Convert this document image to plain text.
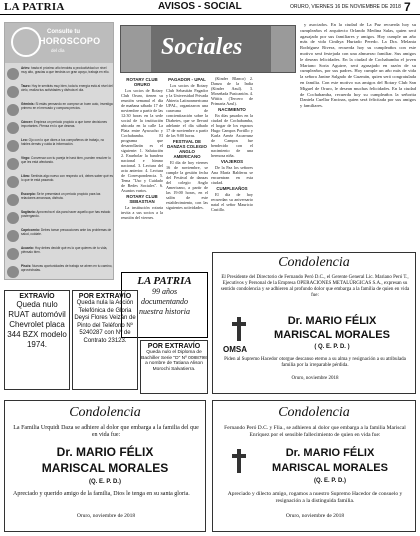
LA PATRIA	AVISOS - SOCIAL	ORURO, VIERNES 16 DE NOVIEMBRE DE 2018 7
Consulte tu
HOROSCOPO
del día
Aries: hasta el próximo año tendrás a productividad un nivel muy alto, gracias a que tendrás un gran apoyo, trabaja en ello.
Tauro: Hoy te sentirás muy bien, toda tu energía está al nivel del cielo, realiza tus actividades y disfruta el día.
Géminis: Si estás pensando en comprar un buen auto, investiga primero en el mercado y compara precios.
Cáncer: Empieza un periodo propicio a que tome decisiones importantes. Piensa en lo que deseas.
Leo: Ojo con lo que dices a tus compañeros de trabajo, no hables demás y cuida la información.
Virgo: Conversar con tu pareja te hará bien, pueden resolver lo que les está afectando.
Libra: Sentirás algo nuevo con respecto a ti, debes saber qué es lo que te está pasando.
Escorpio: Se te presentará un periodo propicio para las relaciones amorosas, disfruta.
Sagitario: Aprovecha el día para hacer aquello que has estado postergando.
Capricornio: Debes tomar precauciones ante los problemas de salud, cuídate.
Acuario: Hoy debes decidir qué es lo que quieres de tu vida, piénsalo bien.
Piscis: Nuevas oportunidades de trabajo se abren en tu camino, aprovéchalas.
Sociales
ROTARY CLUB ORURO

Los socios de Rotary Club Oruro, tienen su reunión semanal el día de mañana sábado 17 de noviembre a partir de las 12:30 horas en la sede social de la institución ubicada en la calle La Plata entre Ayacucho y Cochabamba. El programa que desarrollarán es el siguiente: 1. Salutación 2. Enarbolar la bandera nacional e himno nacional. 3. Lectura del acta anterior. 4. Lectura de Correspondencia. 5. Tema "Uso y Cuidado de Redes Sociales". 6. Asuntos varios.

ROTARY CLUB SEBASTIAN

La institución rotaria invita a sus socios a la reunión del viernes.

PAGADOR - UPAL

Los socios de Rotary Club Sebastián Pagador y la Universidad Privada Abierta Latinoamericana UPAL, organizaron una caravana de concientización sobre la Diabetes, que se llevará adelante el día sábado 17 de noviembre a partir de las 9:00 horas.

FESTIVAL DE DANZAS COLEGIO ANGLO AMERICANO

El día de hoy viernes 16 de noviembre, se cumple la gestión fecha del Festival de danzas del colegio Anglo Americano, a partir de las 19:00 horas, en el salón de este establecimiento, con las siguientes actividades.

(Kinder Blanco) 2. Danza de la India (Kinder Azul). 3. Moseñada Pusicantón. 4. Wititis (Tercero de Primaria Azul).

NACIMIENTO

En días pasados en la ciudad de Cochabamba, el hogar de los esposos Hugo Campos Portillo y Karla Arnéz Ascarrunz de Campos fue bendecido con el nacimiento de una hermosa niña.

VIAJEROS

De la Paz los señores Ana María Balderas se encuentran en esta ciudad.

CUMPLEAÑOS

El día de hoy recuerdan su aniversario natal el señor Mauricio Castillo.

y asociados. En la ciudad de La Paz recuerda hoy su cumpleaños el arquitecto Orlando Medina Salas, quien será agasajado por sus familiares y amigos. Hoy cumple un año más de vida Cinthya Hurtado Peredo. La Dra. Melania Rodríguez Rivera, recuerda hoy su cumpleaños con este motivo será festejada con una almuerzo familiar. Sus amigos le desean felicidades. En la ciudad de Cochabamba el joven Mariano Soria Aguirre, será agasajado en razón de su cumpleaños, por sus padres. Hoy cumple un año más de vida la señora Janine Salgado de Guzmán, quien será congratulada en familia. Con este motivo sus amigos del Rotary Club San Miguel de Oruro, le desean muchas felicidades. En la ciudad de Cochabamba, recuerda hoy su cumpleaños la señorita Daniela Cuellar Encinas, quien será felicitada por sus amigos y familiares.

LA PATRIA
99 años
documentando
nuestra historia
Condolencia
El Presidente del Directorio de Fernando Peró D.C., el Gerente General Lic. Mariano Peró T., Ejecutivos y Personal de la Empresa OPERACIONES METALÚRGICAS S.A., expresan su sentido condolencia y se adhieren al profundo dolor que embarga a la familia de quien en vida fue:
OMSA
Dr. MARIO FÉLIX
MARISCAL MORALES
( Q. E. P. D. )
Piden al Supremo Hacedor otorgue descanso eterno a su alma y resignación a su atribulada familia por la irreparable pérdida.
Oruro, noviembre 2018
EXTRAVÍO
Queda nulo RUAT automóvil Chevrolet placa 344 BZX modelo 1974.
POR EXTRAVÍO
Queda nula la Acción Telefónica de Gloria Deysi Flores Veizán de Pinto del Teléfono Nº 5240287 con Nº de Contrato 23123.
POR EXTRAVÍO
Queda nulo el Diploma de Bachiller Serie "D" Nº 0088798 a nombre de Tatiana Alison Morochi Salvatierra.
Condolencia
La Familia Urquidi Daza se adhiere al dolor que embarga a la familia del que en vida fue:
Dr. MARIO FÉLIX
MARISCAL MORALES
(Q. E. P. D.)
Apreciado y querido amigo de la familia, Dios le tenga en su santa gloria.
Oruro, noviembre de 2018
Condolencia
Fernando Peró D.C. y Flia., se adhieren al dolor que embarga a la familia Mariscal Enríquez por el sensible fallecimiento de quien en vida fue:
Dr. MARIO FÉLIX
MARISCAL MORALES
(Q. E. P. D.)
Apreciado y dilecto amigo, rogamos a nuestro Supremo Hacedor de consuelo y resignación a la distinguida familia.
Oruro, noviembre de 2018
